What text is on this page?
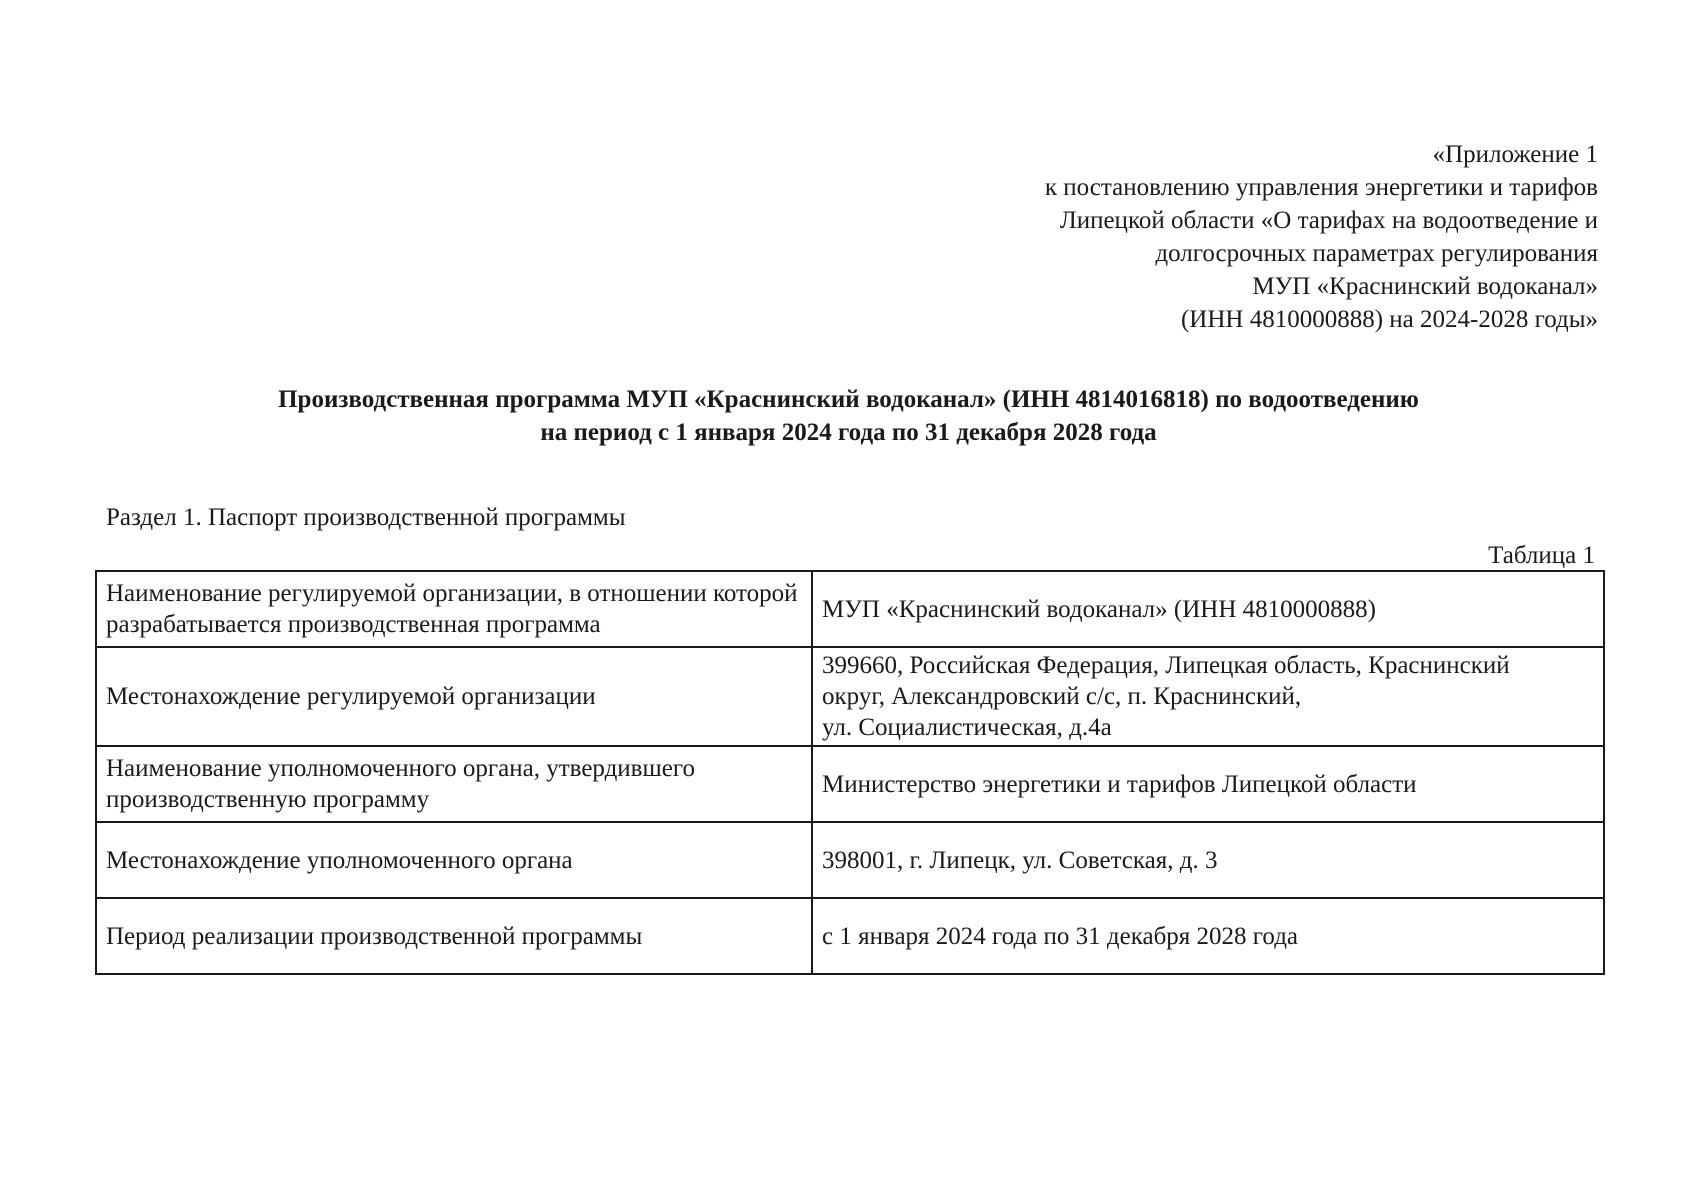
«Приложение 1
к постановлению управления энергетики и тарифов
Липецкой области «О тарифах на водоотведение и
долгосрочных параметрах регулирования
МУП «Краснинский водоканал»
(ИНН 4810000888) на 2024-2028 годы»
Производственная программа МУП «Краснинский водоканал» (ИНН 4814016818) по водоотведению
на период с 1 января 2024 года по 31 декабря 2028 года
Раздел 1. Паспорт производственной программы
Таблица 1
Наименование регулируемой организации, в отношении которой разрабатывается производственная программа	МУП «Краснинский водоканал» (ИНН 4810000888)

Местонахождение регулируемой организации	399660, Российская Федерация, Липецкая область, Краснинский
округ, Александровский с/с, п. Краснинский,
ул. Социалистическая, д.4а

Наименование уполномоченного органа, утвердившего производственную программу	Министерство энергетики и тарифов Липецкой области

Местонахождение уполномоченного органа	398001, г. Липецк, ул. Советская, д. 3

Период реализации производственной программы	с 1 января 2024 года по 31 декабря 2028 года
